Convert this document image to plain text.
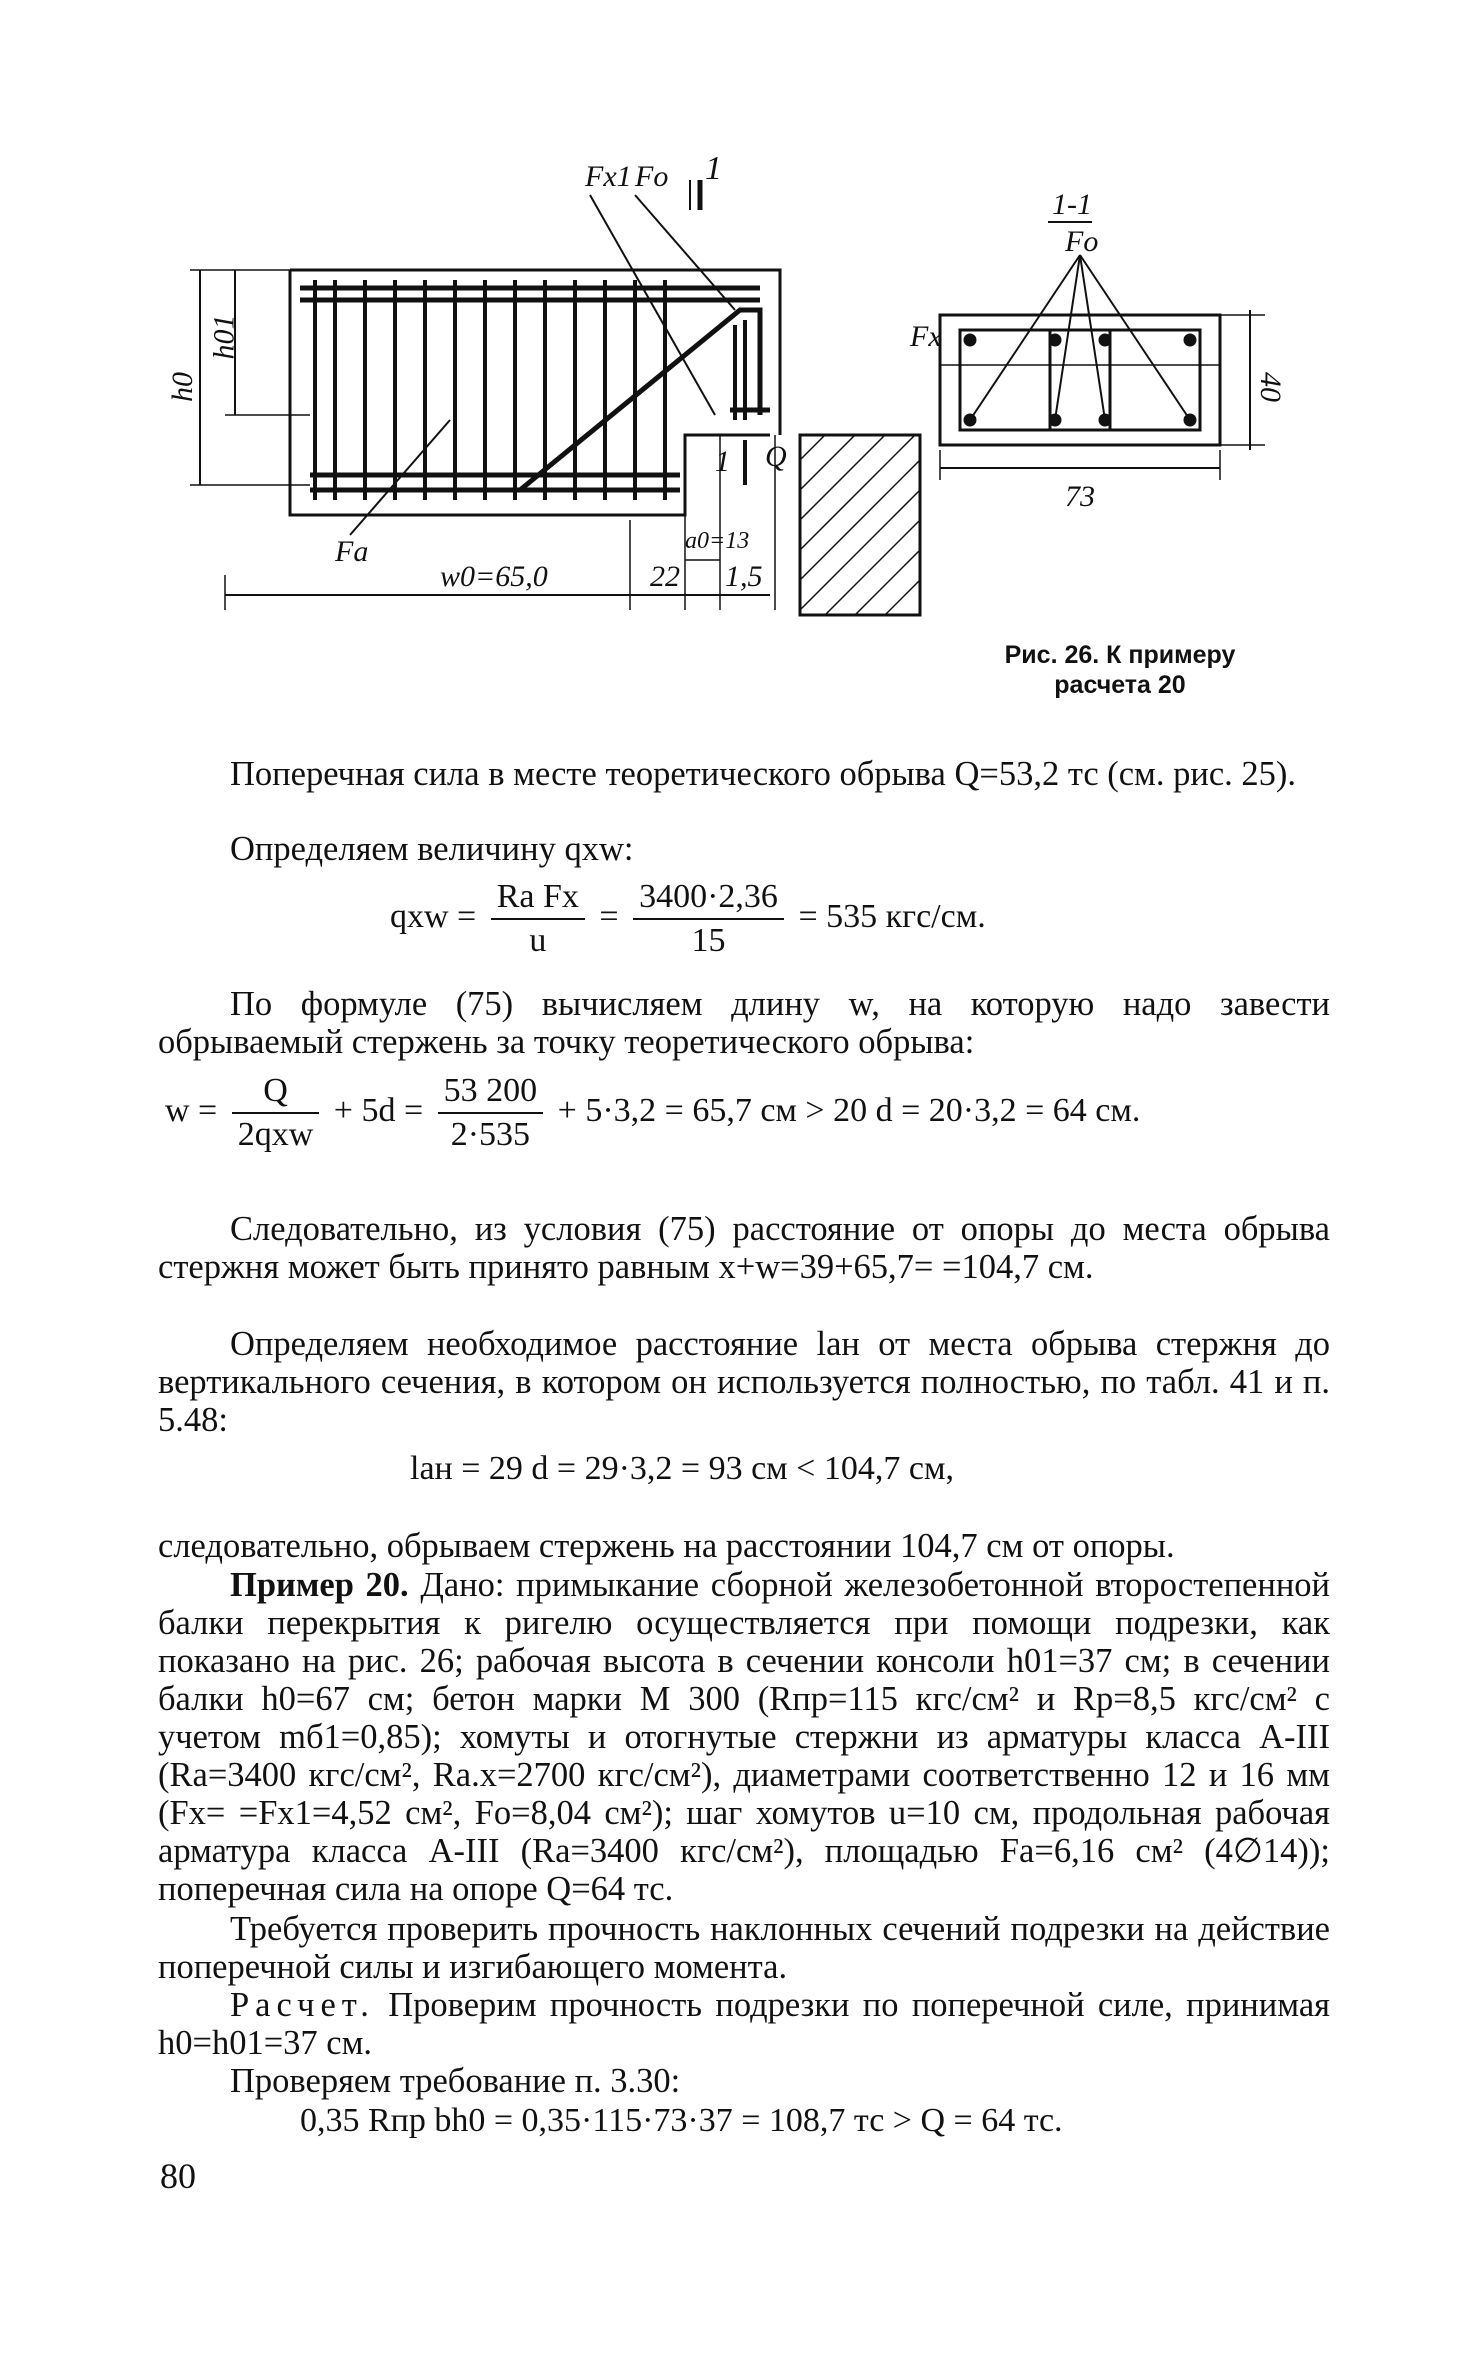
Fх1 Fо 1
h0
h01
Fа
w0=65,0
a0=13
22 1,5
Q
1
1-1
Fо
Fх
40
73
Рис. 26. К примеру
расчета 20

Поперечная сила в месте теоретического обрыва Q=53,2 тс (см. рис. 25).

Определяем величину qхw:

qхw = $\frac{\text{Rа Fх}}{u} = \frac{3400\cdot 2,36}{15} = 535$ кгс/см.

По формуле (75) вычисляем длину w, на которую надо завести обрываемый стержень за точку теоретического обрыва:

$w = \frac{Q}{\text{2qхw}} + 5d = \frac{53 200}{2\cdot 535} + 5\cdot 3,2 = 65,7$ см > 20 d = 20·3,2 = 64 см.

Следовательно, из условия (75) расстояние от опоры до места обрыва стержня может быть принято равным x+w=39+65,7= =104,7 см.

Определяем необходимое расстояние lан от места обрыва стержня до вертикального сечения, в котором он используется полностью, по табл. 41 и п. 5.48:

lан = 29 d = 29·3,2 = 93 см < 104,7 см,

следовательно, обрываем стержень на расстоянии 104,7 см от опоры.

Пример 20. Дано: примыкание сборной железобетонной второстепенной балки перекрытия к ригелю осуществляется при помощи подрезки, как показано на рис. 26; рабочая высота в сечении консоли h01=37 см; в сечении балки h0=67 см; бетон марки М 300 (Rпр=115 кгс/см² и Rр=8,5 кгс/см² с учетом mб1=0,85); хомуты и отогнутые стержни из арматуры класса А-III (Rа=3400 кгс/см², Rа.х=2700 кгс/см²), диаметрами соответственно 12 и 16 мм (Fх= =Fх1=4,52 см², Fо=8,04 см²); шаг хомутов u=10 см, продольная рабочая арматура класса А-III (Rа=3400 кгс/см²), площадью Fа=6,16 см² (4∅14)); поперечная сила на опоре Q=64 тс.

Требуется проверить прочность наклонных сечений подрезки на действие поперечной силы и изгибающего момента.

Расчет. Проверим прочность подрезки по поперечной силе, принимая h0=h01=37 см.

Проверяем требование п. 3.30:

0,35 Rпр bh0 = 0,35·115·73·37 = 108,7 тс > Q = 64 тс.
80
